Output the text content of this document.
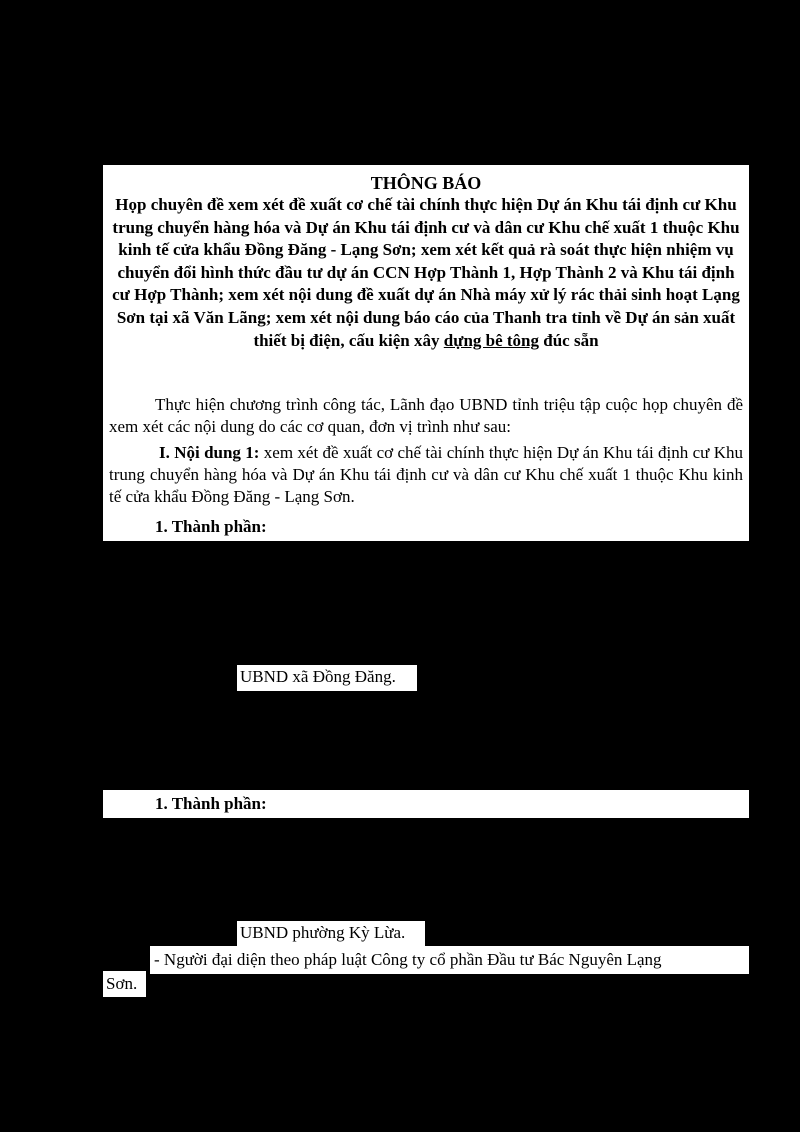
THÔNG BÁO
Họp chuyên đề xem xét đề xuất cơ chế tài chính thực hiện Dự án Khu tái định cư Khu trung chuyển hàng hóa và Dự án Khu tái định cư và dân cư Khu chế xuất 1 thuộc Khu kinh tế cửa khẩu Đồng Đăng - Lạng Sơn; xem xét kết quả rà soát thực hiện nhiệm vụ chuyển đổi hình thức đầu tư dự án CCN Hợp Thành 1, Hợp Thành 2 và Khu tái định cư Hợp Thành; xem xét nội dung đề xuất dự án Nhà máy xử lý rác thải sinh hoạt Lạng Sơn tại xã Văn Lãng; xem xét nội dung báo cáo của Thanh tra tỉnh về Dự án sản xuất thiết bị điện, cấu kiện xây dựng bê tông đúc sẵn
Thực hiện chương trình công tác, Lãnh đạo UBND tỉnh triệu tập cuộc họp chuyên đề xem xét các nội dung do các cơ quan, đơn vị trình như sau:
I. Nội dung 1: xem xét đề xuất cơ chế tài chính thực hiện Dự án Khu tái định cư Khu trung chuyển hàng hóa và Dự án Khu tái định cư và dân cư Khu chế xuất 1 thuộc Khu kinh tế cửa khẩu Đồng Đăng - Lạng Sơn.
1. Thành phần:
UBND xã Đồng Đăng.
1. Thành phần:
UBND phường Kỳ Lừa.
- Người đại diện theo pháp luật Công ty cổ phần Đầu tư Bác Nguyên Lạng
Sơn.
